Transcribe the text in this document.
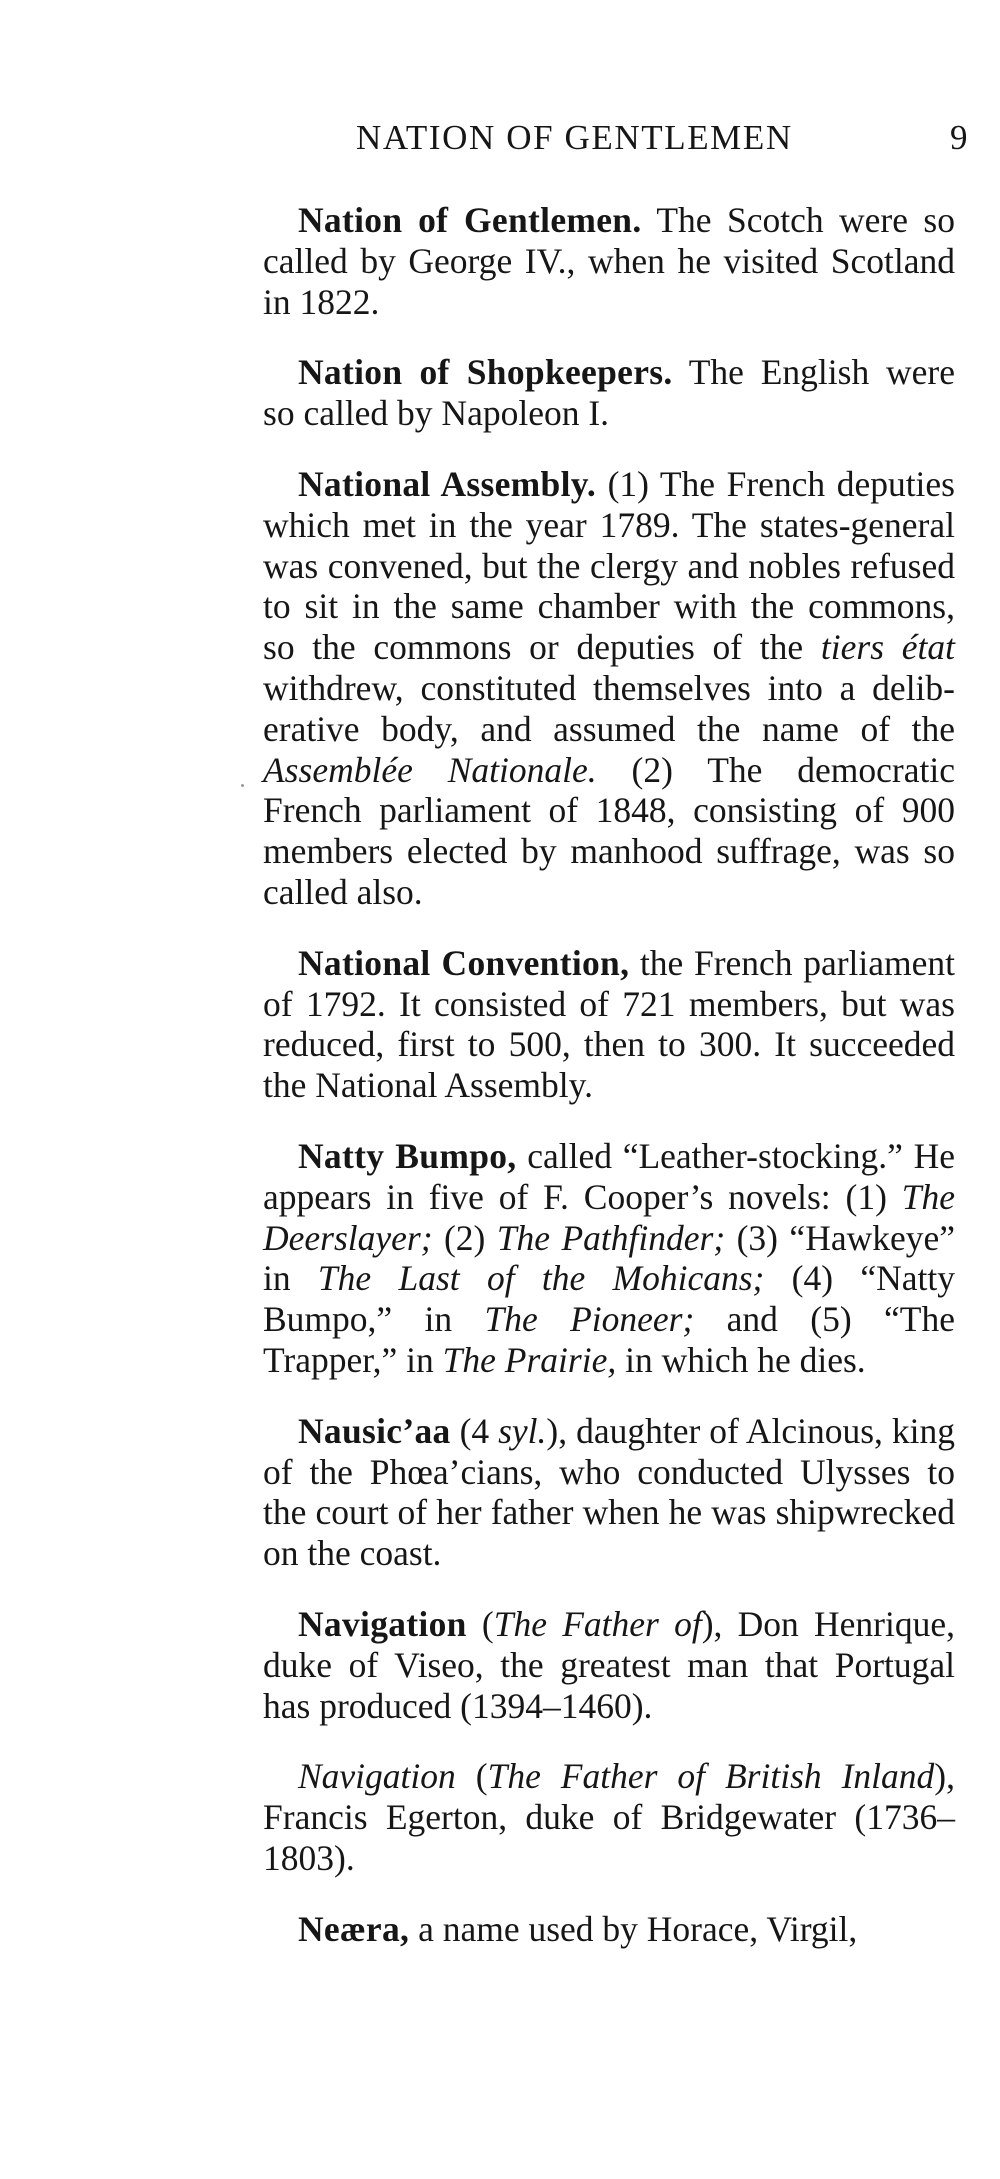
NATION OF GENTLEMEN	9

Nation of Gentlemen. The Scotch were so called by George IV., when he visited Scotland in 1822.

Nation of Shopkeepers. The English were so called by Napoleon I.

National Assembly. (1) The French deputies which met in the year 1789. The states-general was convened, but the clergy and nobles refused to sit in the same chamber with the commons, so the commons or deputies of the tiers état withdrew, constituted themselves into a deliberative body, and assumed the name of the Assemblée Nationale. (2) The democratic French parliament of 1848, consisting of 900 members elected by manhood suffrage, was so called also.

National Convention, the French parliament of 1792. It consisted of 721 members, but was reduced, first to 500, then to 300. It succeeded the National Assembly.

Natty Bumpo, called “Leather-stocking.” He appears in five of F. Cooper’s novels: (1) The Deerslayer; (2) The Pathfinder; (3) “Hawkeye” in The Last of the Mohicans; (4) “Natty Bumpo,” in The Pioneer; and (5) “The Trapper,” in The Prairie, in which he dies.

Nausic’aa (4 syl.), daughter of Alcinous, king of the Phœa’cians, who conducted Ulysses to the court of her father when he was shipwrecked on the coast.

Navigation (The Father of), Don Henrique, duke of Viseo, the greatest man that Portugal has produced (1394–1460).

Navigation (The Father of British Inland), Francis Egerton, duke of Bridgewater (1736–1803).

Neæra, a name used by Horace, Virgil,
